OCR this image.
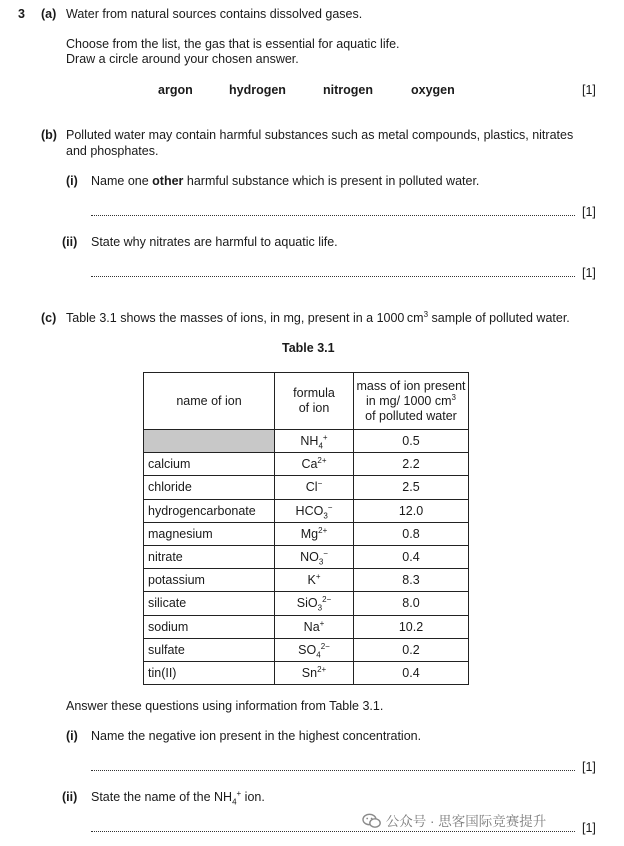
3 (a) Water from natural sources contains dissolved gases.
Choose from the list, the gas that is essential for aquatic life.
Draw a circle around your chosen answer.
argon	hydrogen	nitrogen	oxygen	[1]
(b) Polluted water may contain harmful substances such as metal compounds, plastics, nitrates
and phosphates.
(i) Name one other harmful substance which is present in polluted water.
[1]
(ii) State why nitrates are harmful to aquatic life.
[1]
(c) Table 3.1 shows the masses of ions, in mg, present in a 1000 $cm^3$ sample of polluted water.
Table 3.1
name of ion	formula
of ion	mass of ion present
in mg/ 1000 $cm^3$
of polluted water
	$NH_4^+$	0.5
calcium	$Ca^{2+}$	2.2
chloride	Cl−	2.5
hydrogencarbonate	$HCO_3^-$	12.0
magnesium	$Mg^{2+}$	0.8
nitrate	$NO_3^-$	0.4
potassium	K+	8.3
silicate	SiO$_3^{2-}$	8.0
sodium	Na+	10.2
sulfate	$SO_4^{2-}$	0.2
tin(II)	$Sn^{2+}$	0.4
Answer these questions using information from Table 3.1.
(i) Name the negative ion present in the highest concentration.
[1]
(ii) State the name of the $NH_4^+$ ion.
[1]
公众号 · 思客国际竞赛提升
